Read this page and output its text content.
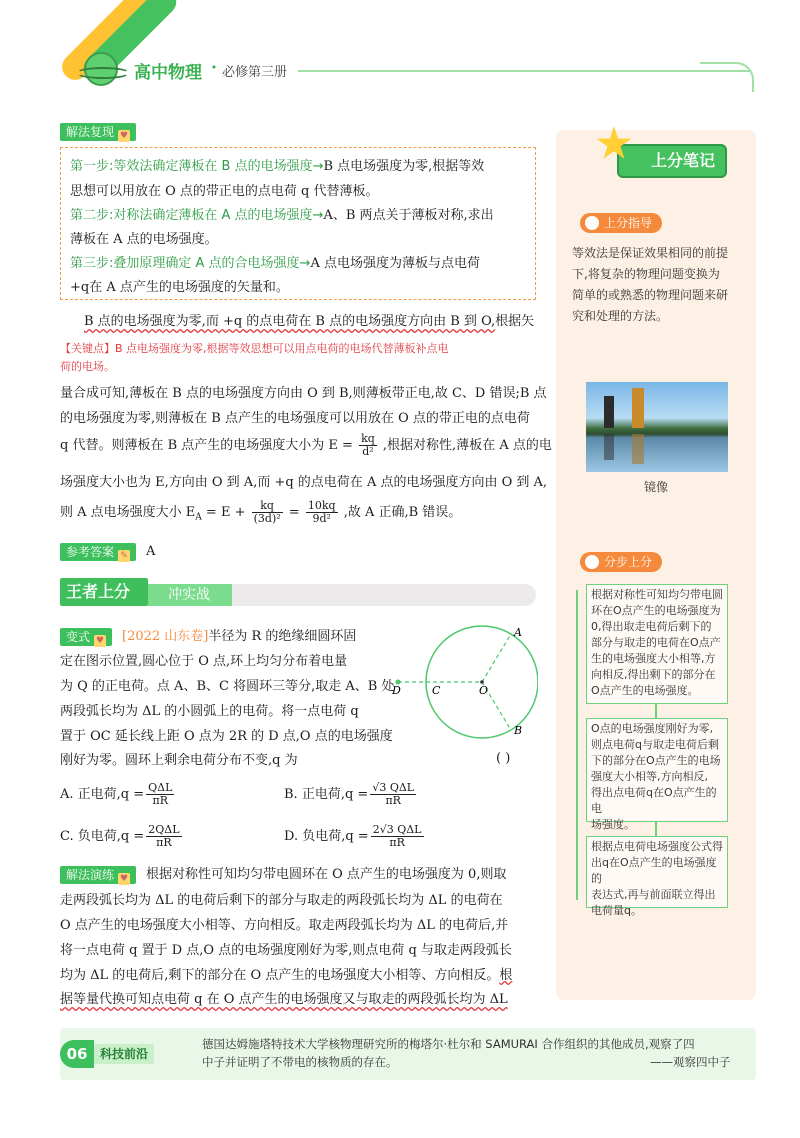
高中物理 · 必修第三册
解法复现 ♥
第一步:等效法确定薄板在 B 点的电场强度→B 点电场强度为零,根据等效
思想可以用放在 O 点的带正电的点电荷 q 代替薄板。
第二步:对称法确定薄板在 A 点的电场强度→A、B 两点关于薄板对称,求出
薄板在 A 点的电场强度。
第三步:叠加原理确定 A 点的合电场强度→A 点电场强度为薄板与点电荷
+q在 A 点产生的电场强度的矢量和。
B 点的电场强度为零,而 +q 的点电荷在 B 点的电场强度方向由 B 到 O,根据矢
【关键点】B 点电场强度为零,根据等效思想可以用点电荷的电场代替薄板补点电
荷的电场。
量合成可知,薄板在 B 点的电场强度方向由 O 到 B,则薄板带正电,故 C、D 错误;B 点
的电场强度为零,则薄板在 B 点产生的电场强度可以用放在 O 点的带正电的点电荷
q 代替。则薄板在 B 点产生的电场强度大小为 $E = \frac{kq}{\text{d²}}$ ,根据对称性,薄板在 A 点的电
场强度大小也为 E,方向由 O 到 A,而 +q 的点电荷在 A 点的电场强度方向由 O 到 A,
则 A 点电场强度大小 $E_A = E + \frac{kq}{\text{(3d)²}} = \frac{10kq}{\text{9d²}}$ ,故 A 正确,B 错误。
参考答案 ✎	A
王者上分	冲实战
变式 ♥	[2022 山东卷]半径为 R 的绝缘细圆环固
定在图示位置,圆心位于 O 点,环上均匀分布着电量
为 Q 的正电荷。点 A、B、C 将圆环三等分,取走 A、B 处
两段弧长均为 ΔL 的小圆弧上的电荷。将一点电荷 q
置于 OC 延长线上距 O 点为 2R 的 D 点,O 点的电场强度
刚好为零。圆环上剩余电荷分布不变,q 为	( )
A
B
C
D	O
A. 正电荷$,q = \frac{\text{QΔL}}{\pi R}$	B. 正电荷$,q = \frac{\text{√3 QΔL}}{\pi R}$
C. 负电荷$,q = \frac{\text{2QΔL}}{\pi R}$	D. 负电荷$,q = \frac{\text{2√3 QΔL}}{\pi R}$
解法演练 ♥	根据对称性可知均匀带电圆环在 O 点产生的电场强度为 0,则取
走两段弧长均为 ΔL 的电荷后剩下的部分与取走的两段弧长均为 ΔL 的电荷在
O 点产生的电场强度大小相等、方向相反。取走两段弧长均为 ΔL 的电荷后,并
将一点电荷 q 置于 D 点,O 点的电场强度刚好为零,则点电荷 q 与取走两段弧长
均为 ΔL 的电荷后,剩下的部分在 O 点产生的电场强度大小相等、方向相反。根
据等量代换可知点电荷 q 在 O 点产生的电场强度又与取走的两段弧长均为 ΔL
上分笔记
上分指导
等效法是保证效果相同的前提
下,将复杂的物理问题变换为
简单的或熟悉的物理问题来研
究和处理的方法。
镜像
分步上分
根据对称性可知均匀带电圆
环在O点产生的电场强度为
0,得出取走电荷后剩下的
部分与取走的电荷在O点产
生的电场强度大小相等,方
向相反,得出剩下的部分在
O点产生的电场强度。
O点的电场强度刚好为零,
则点电荷q与取走电荷后剩
下的部分在O点产生的电场
强度大小相等,方向相反,
得出点电荷q在O点产生的电
场强度。
根据点电荷电场强度公式得
出q在O点产生的电场强度的
表达式,再与前面联立得出
电荷量q。
06	科技前沿
德国达姆施塔特技术大学核物理研究所的梅塔尔·杜尔和 SAMURAI 合作组织的其他成员,观察了四
中子并证明了不带电的核物质的存在。	——观察四中子
